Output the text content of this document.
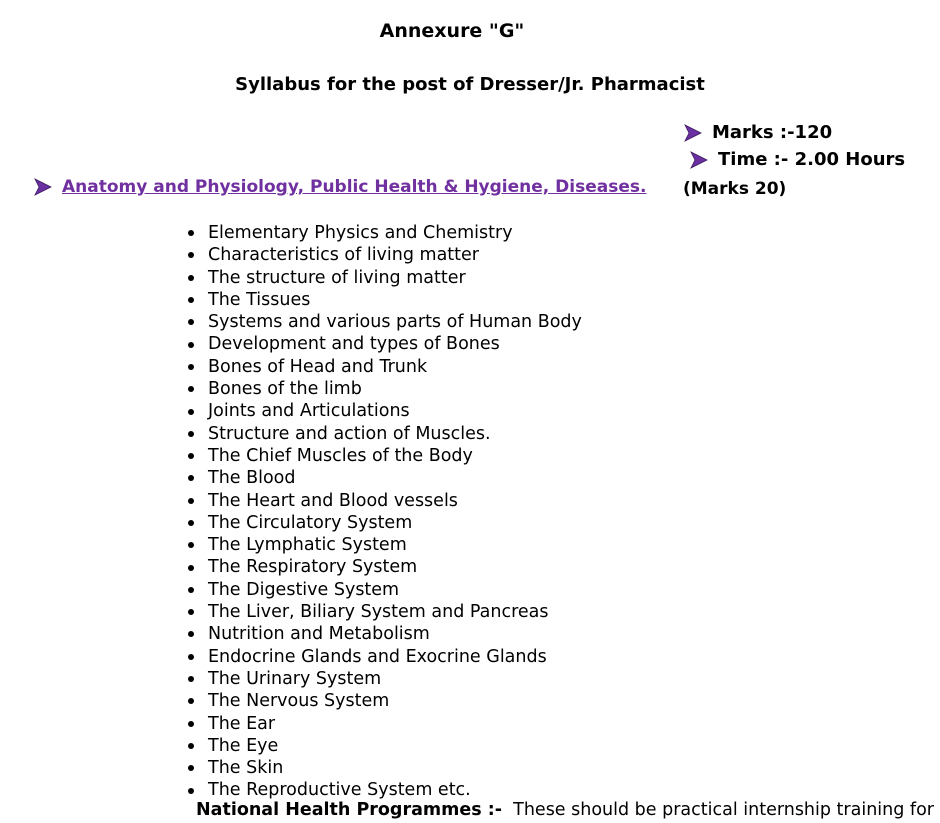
Annexure "G"
Syllabus for the post of Dresser/Jr. Pharmacist
Marks :-120
Time :- 2.00 Hours
Anatomy and Physiology, Public Health & Hygiene, Diseases. (Marks 20)
Elementary Physics and Chemistry
Characteristics of living matter
The structure of living matter
The Tissues
Systems and various parts of Human Body
Development and types of Bones
Bones of Head and Trunk
Bones of the limb
Joints and Articulations
Structure and action of Muscles.
The Chief Muscles of the Body
The Blood
The Heart and Blood vessels
The Circulatory System
The Lymphatic System
The Respiratory System
The Digestive System
The Liver, Biliary System and Pancreas
Nutrition and Metabolism
Endocrine Glands and Exocrine Glands
The Urinary System
The Nervous System
The Ear
The Eye
The Skin
The Reproductive System etc.
National Health Programmes :- These should be practical internship training for
